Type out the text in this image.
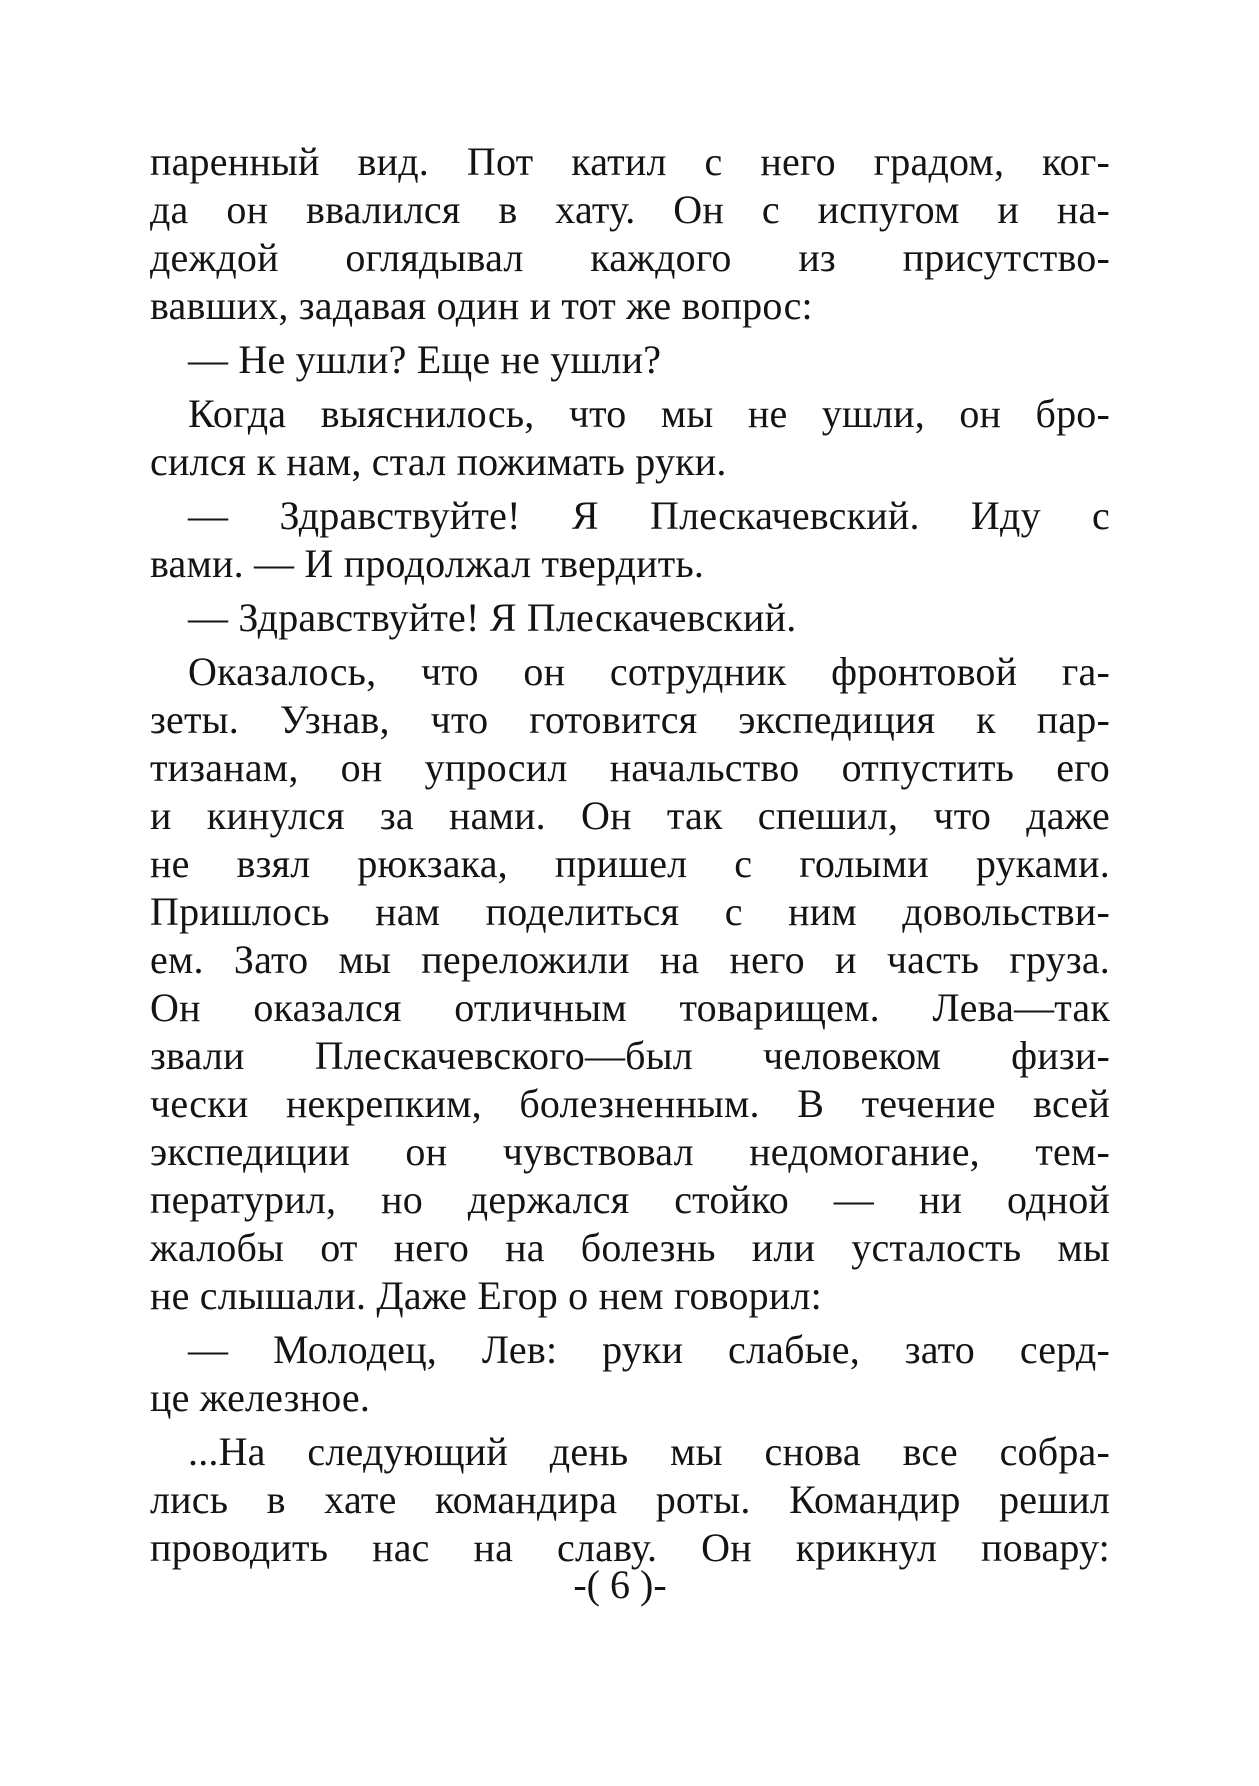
паренный вид. Пот катил с него градом, ког-
да он ввалился в хату. Он с испугом и на-
деждой оглядывал каждого из присутство-
вавших, задавая один и тот же вопрос:
— Не ушли? Еще не ушли?
Когда выяснилось, что мы не ушли, он бро-
сился к нам, стал пожимать руки.
— Здравствуйте! Я Плескачевский. Иду с
вами. — И продолжал твердить.
— Здравствуйте! Я Плескачевский.
Оказалось, что он сотрудник фронтовой га-
зеты. Узнав, что готовится экспедиция к пар-
тизанам, он упросил начальство отпустить его
и кинулся за нами. Он так спешил, что даже
не взял рюкзака, пришел с голыми руками.
Пришлось нам поделиться с ним довольстви-
ем. Зато мы переложили на него и часть груза.
Он оказался отличным товарищем. Лева—так
звали Плескачевского—был человеком физи-
чески некрепким, болезненным. В течение всей
экспедиции он чувствовал недомогание, тем-
пературил, но держался стойко — ни одной
жалобы от него на болезнь или усталость мы
не слышали. Даже Егор о нем говорил:
— Молодец, Лев: руки слабые, зато серд-
це железное.
...На следующий день мы снова все собра-
лись в хате командира роты. Командир решил
проводить нас на славу. Он крикнул повару:
-( 6 )-
